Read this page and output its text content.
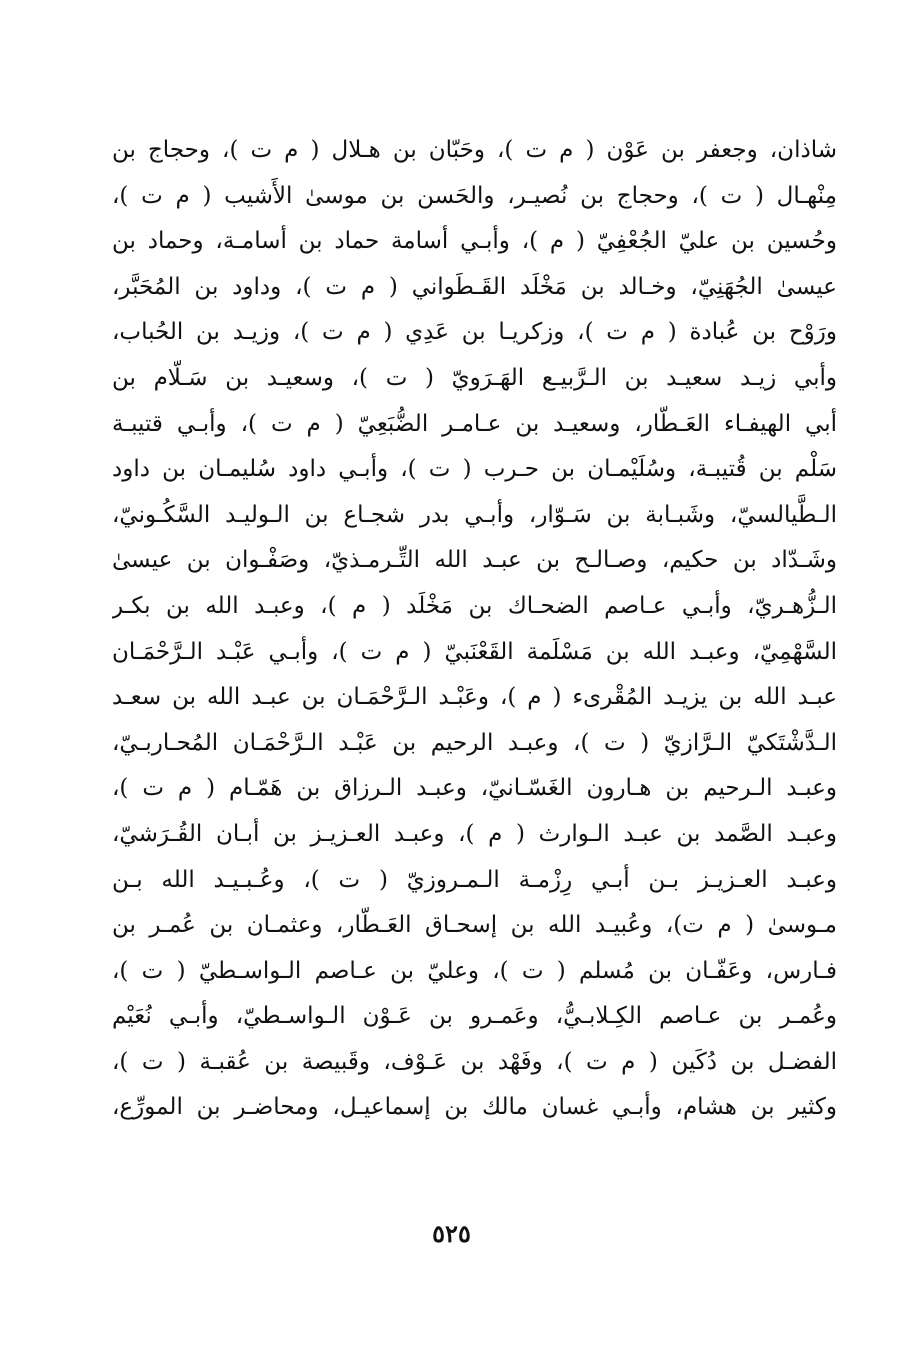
شاذان، وجعفر بن عَوْن ( م ت )، وحَبّان بن هـلال ( م ت )، وحجاج بن
مِنْهـال ( ت )، وحجاج بن نُصيـر، والحَسن بن موسىٰ الأَشيب ( م ت )،
وحُسين بن عليّ الجُعْفِيّ ( م )، وأبـي أسامة حماد بن أسامـة، وحماد بن
عيسىٰ الجُهَنِيّ، وخـالد بن مَخْلَد القَـطَواني ( م ت )، وداود بن المُحَبَّر،
ورَوْح بن عُبادة ( م ت )، وزكريـا بن عَدِي ( م ت )، وزيـد بن الحُباب،
وأبي زيـد سعيـد بن الـرَّبيـع الهَـرَويّ ( ت )، وسعيـد بن سَـلّام بن
أبي الهيفـاء العَـطّار، وسعيـد بن عـامـر الضُّبَعِيّ ( م ت )، وأبـي قتيبـة
سَلْم بن قُتيبـة، وسُلَيْمـان بن حـرب ( ت )، وأبـي داود سُليمـان بن داود
الـطَّيالسيّ، وشَبـابة بن سَـوّار، وأبـي بدر شجـاع بن الـوليـد السَّكُـونيّ،
وشَـدّاد بن حكيم، وصـالـح بن عبـد الله التِّـرمـذيّ، وصَفْـوان بن عيسىٰ
الـزُّهـريّ، وأبـي عـاصم الضحـاك بن مَخْلَد ( م )، وعبـد الله بن بكـر
السَّهْمِيّ، وعبـد الله بن مَسْلَمة القَعْنَبيّ ( م ت )، وأبـي عَبْـد الـرَّحْمَـان
عبـد الله بن يزيـد المُقْرىء ( م )، وعَبْـد الـرَّحْمَـان بن عبـد الله بن سعـد
الـدَّشْتَكيّ الـرَّازيّ ( ت )، وعبـد الرحيم بن عَبْـد الـرَّحْمَـان المُحـاربـيّ،
وعبـد الـرحيم بن هـارون الغَسّـانيّ، وعبـد الـرزاق بن هَمّـام ( م ت )،
وعبـد الصَّمد بن عبـد الـوارث ( م )، وعبـد العـزيـز بن أبـان القُـرَشيّ،
وعبـد العـزيـز بـن أبـي رِزْمـة الـمـروزيّ ( ت )، وعُـبـيـد الله بـن
مـوسىٰ ( م ت)، وعُبيـد الله بن إسحـاق العَـطّار، وعثمـان بن عُمـر بن
فـارس، وعَفّـان بن مُسلم ( ت )، وعليّ بن عـاصم الـواسـطيّ ( ت )،
وعُمـر بن عـاصم الكِـلابـيُّ، وعَمـرو بن عَـوْن الـواسـطيّ، وأبـي نُعَيْم
الفضـل بن دُكَين ( م ت )، وفَهْد بن عَـوْف، وقَبيصة بن عُقبـة ( ت )،
وكثير بن هشام، وأبـي غسان مالك بن إسماعيـل، ومحاضـر بن المورِّع،
٥٢٥
